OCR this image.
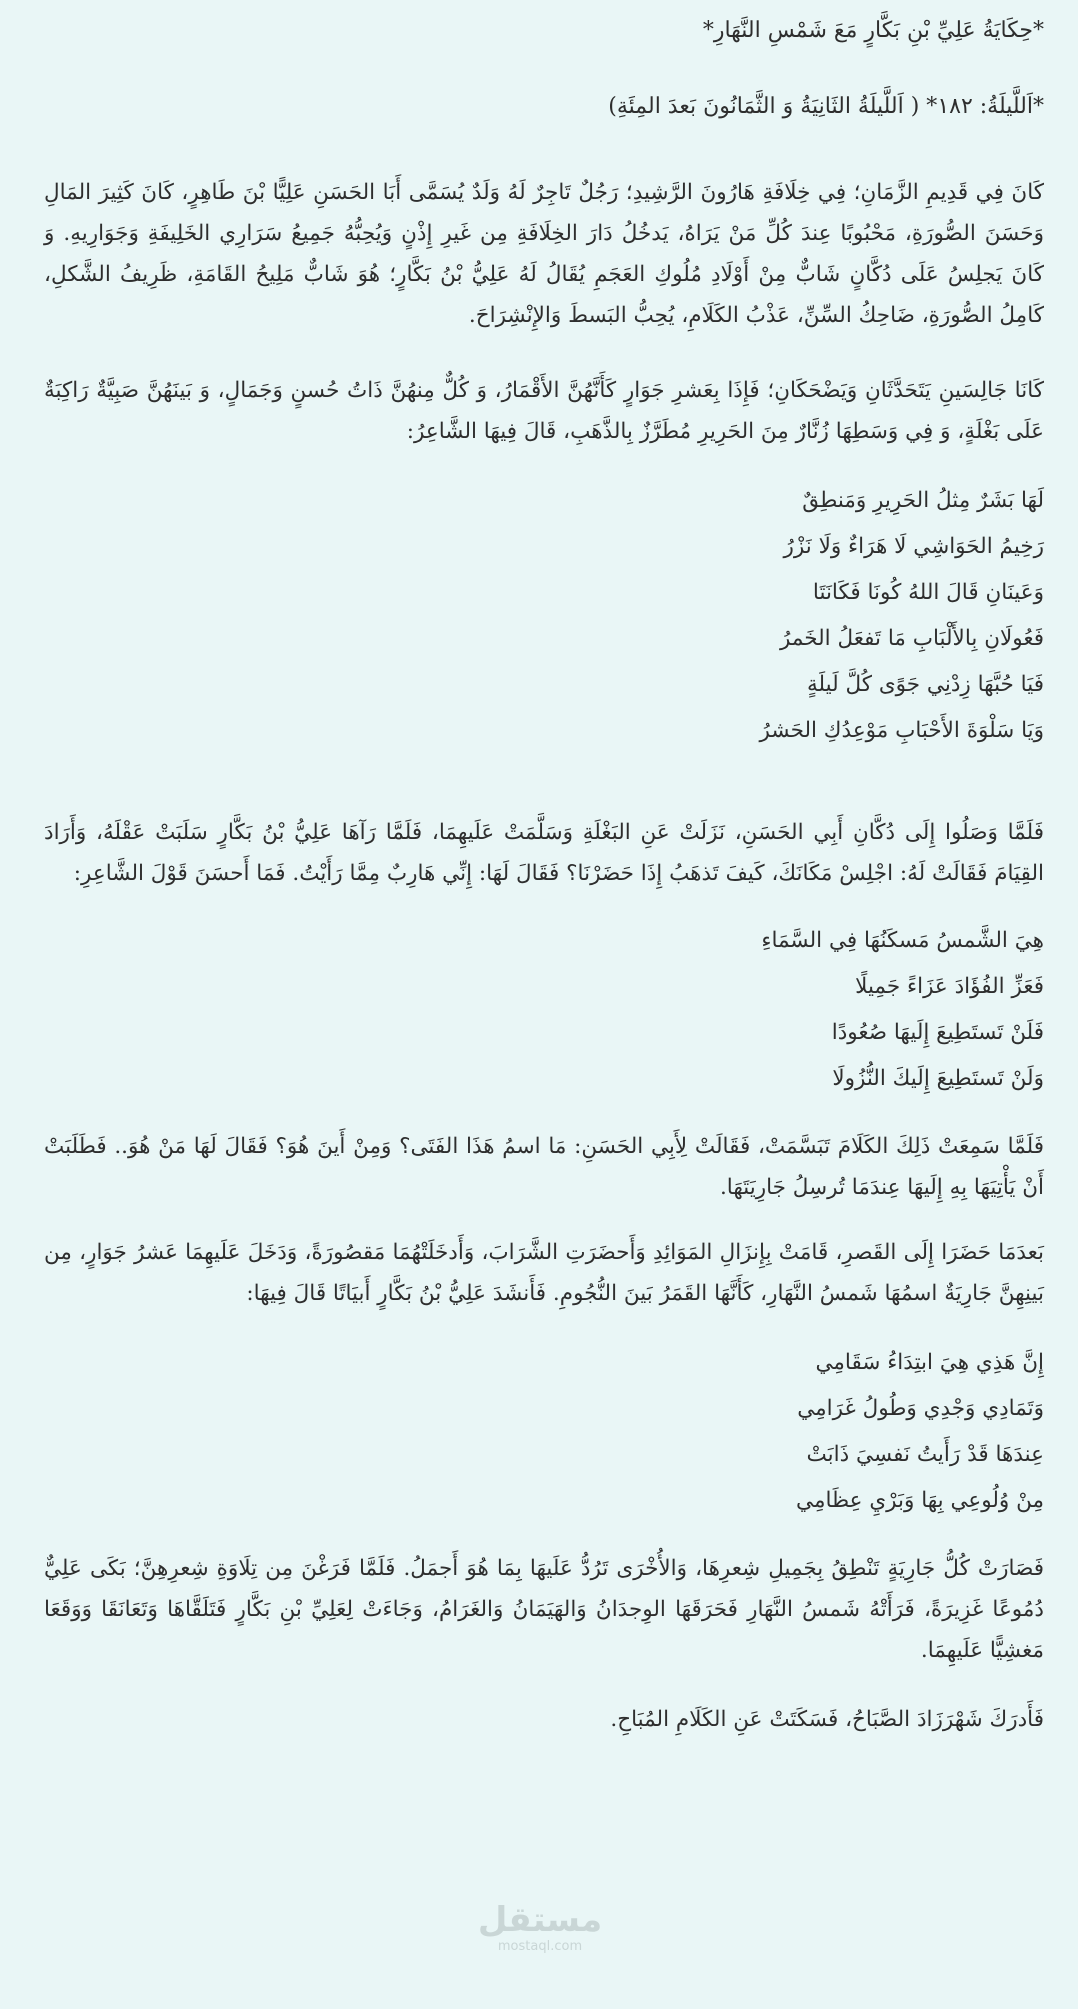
*حِكَايَةُ عَلِيِّ بْنِ بَكَّارٍ مَعَ شَمْسِ النَّهَارِ*

*اَللَّيلَةُ: ١٨٢* ( اَللَّيلَةُ الثَانِيَةُ وَ الثَّمَانُونَ بَعدَ المِئَةِ)

كَانَ فِي قَدِيمِ الزَّمَانِ؛ فِي خِلَافَةِ هَارُونَ الرَّشِيدِ؛ رَجُلٌ تَاجِرٌ لَهُ وَلَدٌ يُسَمَّى أَبَا الحَسَنِ عَلِيًّا بْنَ طَاهِرٍ، كَانَ كَثِيرَ المَالِ وَحَسَنَ الصُّورَةِ، مَحْبُوبًا عِندَ كُلِّ مَنْ يَرَاهُ، يَدخُلُ دَارَ الخِلَافَةِ مِن غَيرِ إِذْنٍ وَيُحِبُّهُ جَمِيعُ سَرَارِي الخَلِيفَةِ وَجَوَارِيهِ. وَ كَانَ يَجلِسُ عَلَى دُكَّانٍ شَابٌّ مِنْ أَوْلَادِ مُلُوكِ العَجَمِ يُقَالُ لَهُ عَلِيُّ بْنُ بَكَّارٍ؛ هُوَ شَابٌّ مَلِيحُ القَامَةِ، ظَرِيفُ الشَّكلِ، كَامِلُ الصُّورَةِ، ضَاحِكُ السِّنِّ، عَذْبُ الكَلَامِ، يُحِبُّ البَسطَ وَالإِنْشِرَاحَ.

كَانَا جَالِسَينِ يَتَحَدَّثَانِ وَيَضْحَكَانِ؛ فَإِذَا بِعَشرِ جَوَارٍ كَأَنَّهُنَّ الأَقْمَارُ، وَ كُلٌّ مِنهُنَّ ذَاتُ حُسنٍ وَجَمَالٍ، وَ بَينَهُنَّ صَبِيَّةٌ رَاكِبَةٌ عَلَى بَغْلَةٍ، وَ فِي وَسَطِهَا زُنَّارٌ مِنَ الحَرِيرِ مُطَرَّزٌ بِالذَّهَبِ، قَالَ فِيهَا الشَّاعِرُ:

لَهَا بَشَرٌ مِثلُ الحَرِيرِ وَمَنطِقٌ
رَخِيمُ الحَوَاشِي لَا هَرَاءٌ وَلَا نَزْرُ
وَعَينَانِ قَالَ اللهُ كُونَا فَكَانَتَا
فَعُولَانِ بِالأَلْبَابِ مَا تَفعَلُ الخَمرُ
فَيَا حُبَّهَا زِدْنِي جَوًى كُلَّ لَيلَةٍ
وَيَا سَلْوَةَ الأَحْبَابِ مَوْعِدُكِ الحَشرُ

فَلَمَّا وَصَلُوا إِلَى دُكَّانِ أَبِي الحَسَنِ، نَزَلَتْ عَنِ البَغْلَةِ وَسَلَّمَتْ عَلَيهِمَا، فَلَمَّا رَآهَا عَلِيُّ بْنُ بَكَّارٍ سَلَبَتْ عَقْلَهُ، وَأَرَادَ القِيَامَ فَقَالَتْ لَهُ: اجْلِسْ مَكَانَكَ، كَيفَ تَذهَبُ إِذَا حَضَرْنَا؟ فَقَالَ لَهَا: إِنِّي هَارِبٌ مِمَّا رَأَيْتُ. فَمَا أَحسَنَ قَوْلَ الشَّاعِرِ:

هِيَ الشَّمسُ مَسكَنُهَا فِي السَّمَاءِ
فَعَزِّ الفُؤَادَ عَزَاءً جَمِيلًا
فَلَنْ تَستَطِيعَ إِلَيهَا صُعُودًا
وَلَنْ تَستَطِيعَ إِلَيكَ النُّزُولَا

فَلَمَّا سَمِعَتْ ذَلِكَ الكَلَامَ تَبَسَّمَتْ، فَقَالَتْ لِأَبِي الحَسَنِ: مَا اسمُ هَذَا الفَتَى؟ وَمِنْ أَينَ هُوَ؟ فَقَالَ لَهَا مَنْ هُوَ.. فَطَلَبَتْ أَنْ يَأْتِيَهَا بِهِ إِلَيهَا عِندَمَا تُرسِلُ جَارِيَتَهَا.

بَعدَمَا حَضَرَا إِلَى القَصرِ، قَامَتْ بِإِنزَالِ المَوَائِدِ وَأَحضَرَتِ الشَّرَابَ، وَأَدخَلَتْهُمَا مَقصُورَةً، وَدَخَلَ عَلَيهِمَا عَشرُ جَوَارٍ، مِن بَينِهِنَّ جَارِيَةٌ اسمُهَا شَمسُ النَّهَارِ، كَأَنَّهَا القَمَرُ بَينَ النُّجُومِ. فَأَنشَدَ عَلِيُّ بْنُ بَكَّارٍ أَبيَاتًا قَالَ فِيهَا:

إِنَّ هَذِي هِيَ ابتِدَاءُ سَقَامِي
وَتَمَادِي وَجْدِي وَطُولُ غَرَامِي
عِندَهَا قَدْ رَأَيتُ نَفسِيَ ذَابَتْ
مِنْ وُلُوعِي بِهَا وَبَرْيِ عِظَامِي

فَصَارَتْ كُلُّ جَارِيَةٍ تَنْطِقُ بِجَمِيلِ شِعرِهَا، وَالأُخْرَى تَرُدُّ عَلَيهَا بِمَا هُوَ أَجمَلُ. فَلَمَّا فَرَغْنَ مِن تِلَاوَةِ شِعرِهِنَّ؛ بَكَى عَلِيٌّ دُمُوعًا غَزِيرَةً، فَرَأَتْهُ شَمسُ النَّهَارِ فَحَرَقَهَا الوِجدَانُ وَالهَيَمَانُ وَالغَرَامُ، وَجَاءَتْ لِعَلِيِّ بْنِ بَكَّارٍ فَتَلَقَّاهَا وَتَعَانَقَا وَوَقَعَا مَغشِيًّا عَلَيهِمَا.

فَأَدرَكَ شَهْرَزَادَ الصَّبَاحُ، فَسَكَتَتْ عَنِ الكَلَامِ المُبَاحِ.

مستقل
mostaql.com
